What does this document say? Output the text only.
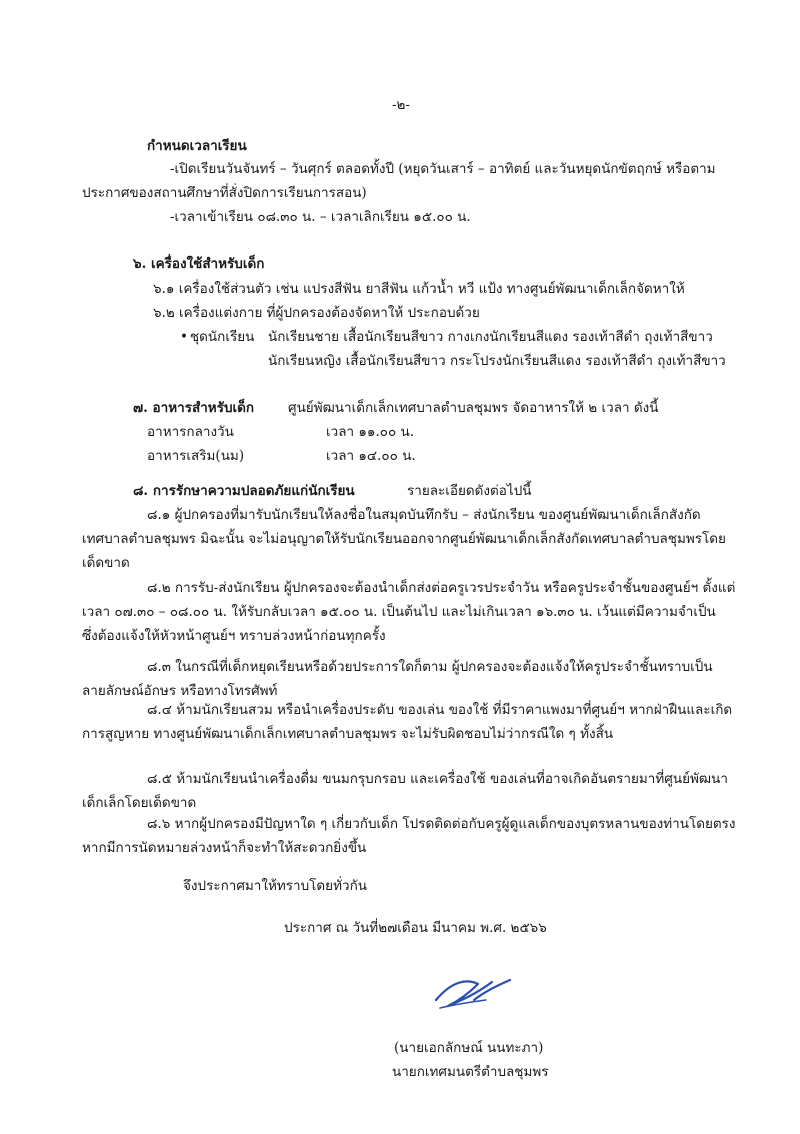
-๒-
กำหนดเวลาเรียน
-เปิดเรียนวันจันทร์ – วันศุกร์ ตลอดทั้งปี (หยุดวันเสาร์ – อาทิตย์ และวันหยุดนักขัตฤกษ์ หรือตาม
ประกาศของสถานศึกษาที่สั่งปิดการเรียนการสอน)
-เวลาเข้าเรียน ๐๘.๓๐ น. – เวลาเลิกเรียน ๑๕.๐๐ น.
๖. เครื่องใช้สำหรับเด็ก
๖.๑ เครื่องใช้ส่วนตัว เช่น แปรงสีฟัน ยาสีฟัน แก้วน้ำ หวี แป้ง ทางศูนย์พัฒนาเด็กเล็กจัดหาให้
๖.๒ เครื่องแต่งกาย ที่ผู้ปกครองต้องจัดหาให้ ประกอบด้วย
• ชุดนักเรียน นักเรียนชาย เสื้อนักเรียนสีขาว กางเกงนักเรียนสีแดง รองเท้าสีดำ ถุงเท้าสีขาว
นักเรียนหญิง เสื้อนักเรียนสีขาว กระโปรงนักเรียนสีแดง รองเท้าสีดำ ถุงเท้าสีขาว
๗. อาหารสำหรับเด็ก	ศูนย์พัฒนาเด็กเล็กเทศบาลตำบลชุมพร จัดอาหารให้ ๒ เวลา ดังนี้
อาหารกลางวัน	เวลา ๑๑.๐๐ น.
อาหารเสริม(นม)	เวลา ๑๔.๐๐ น.
๘. การรักษาความปลอดภัยแก่นักเรียน	รายละเอียดดังต่อไปนี้
๘.๑ ผู้ปกครองที่มารับนักเรียนให้ลงชื่อในสมุดบันทึกรับ – ส่งนักเรียน ของศูนย์พัฒนาเด็กเล็กสังกัด
เทศบาลตำบลชุมพร มิฉะนั้น จะไม่อนุญาตให้รับนักเรียนออกจากศูนย์พัฒนาเด็กเล็กสังกัดเทศบาลตำบลชุมพรโดย
เด็ดขาด
๘.๒ การรับ-ส่งนักเรียน ผู้ปกครองจะต้องนำเด็กส่งต่อครูเวรประจำวัน หรือครูประจำชั้นของศูนย์ฯ ตั้งแต่
เวลา ๐๗.๓๐ – ๐๘.๐๐ น. ให้รับกลับเวลา ๑๕.๐๐ น. เป็นต้นไป และไม่เกินเวลา ๑๖.๓๐ น. เว้นแต่มีความจำเป็น
ซึ่งต้องแจ้งให้หัวหน้าศูนย์ฯ ทราบล่วงหน้าก่อนทุกครั้ง
๘.๓ ในกรณีที่เด็กหยุดเรียนหรือด้วยประการใดก็ตาม ผู้ปกครองจะต้องแจ้งให้ครูประจำชั้นทราบเป็น
ลายลักษณ์อักษร หรือทางโทรศัพท์
๘.๔ ห้ามนักเรียนสวม หรือนำเครื่องประดับ ของเล่น ของใช้ ที่มีราคาแพงมาที่ศูนย์ฯ หากฝ่าฝืนและเกิด
การสูญหาย ทางศูนย์พัฒนาเด็กเล็กเทศบาลตำบลชุมพร จะไม่รับผิดชอบไม่ว่ากรณีใด ๆ ทั้งสิ้น
๘.๕ ห้ามนักเรียนนำเครื่องดื่ม ขนมกรุบกรอบ และเครื่องใช้ ของเล่นที่อาจเกิดอันตรายมาที่ศูนย์พัฒนา
เด็กเล็กโดยเด็ดขาด
๘.๖ หากผู้ปกครองมีปัญหาใด ๆ เกี่ยวกับเด็ก โปรดติดต่อกับครูผู้ดูแลเด็กของบุตรหลานของท่านโดยตรง
หากมีการนัดหมายล่วงหน้าก็จะทำให้สะดวกยิ่งขึ้น
จึงประกาศมาให้ทราบโดยทั่วกัน
ประกาศ ณ วันที่๒๗เดือน มีนาคม พ.ศ. ๒๕๖๖
(นายเอกลักษณ์ นนทะภา)
นายกเทศมนตรีตำบลชุมพร
